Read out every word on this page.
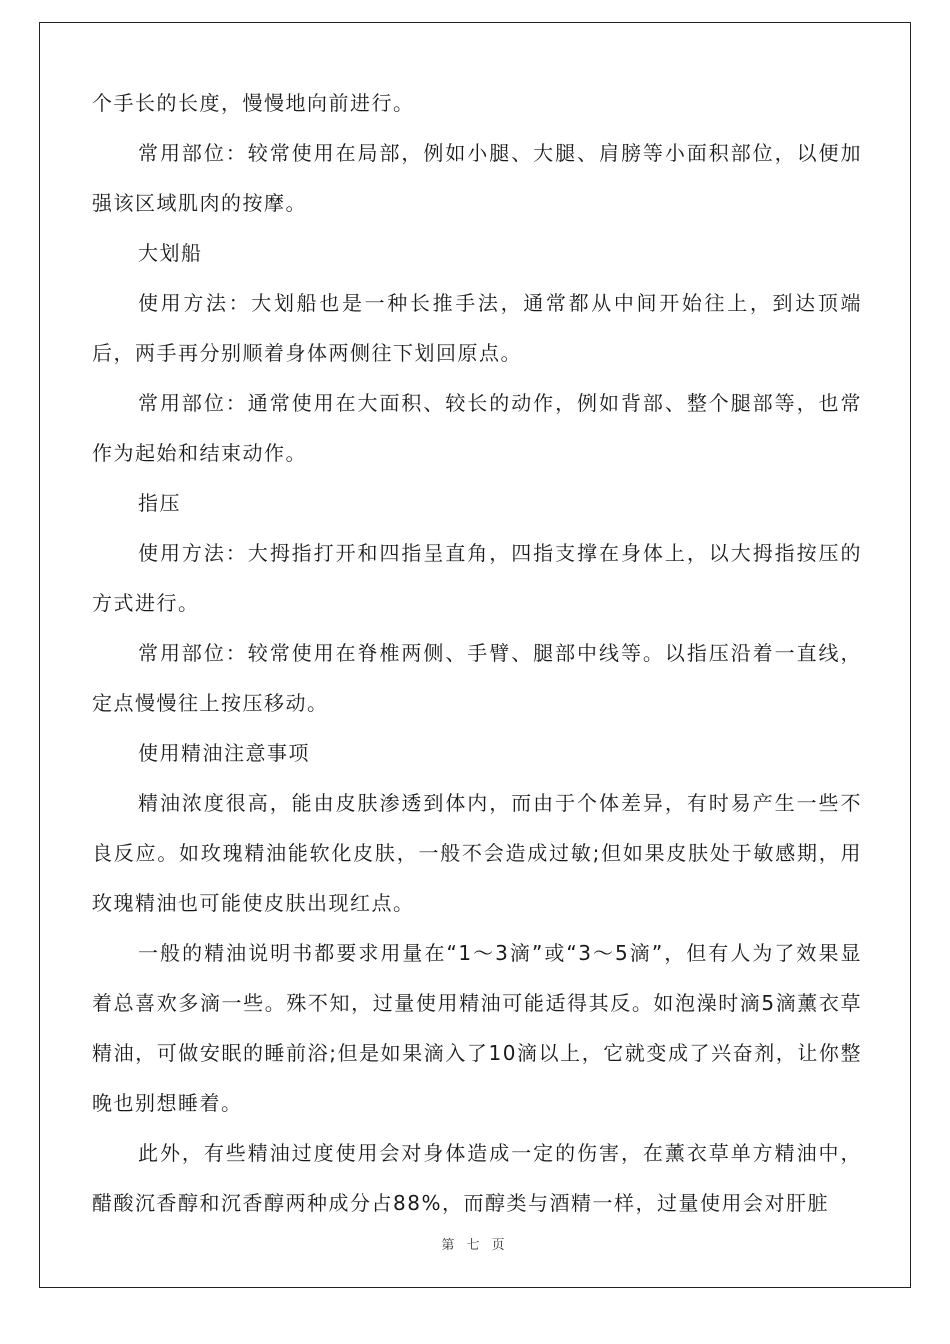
个手长的长度，慢慢地向前进行。

常用部位：较常使用在局部，例如小腿、大腿、肩膀等小面积部位，以便加强该区域肌肉的按摩。

大划船

使用方法：大划船也是一种长推手法，通常都从中间开始往上，到达顶端后，两手再分别顺着身体两侧往下划回原点。

常用部位：通常使用在大面积、较长的动作，例如背部、整个腿部等，也常作为起始和结束动作。

指压

使用方法：大拇指打开和四指呈直角，四指支撑在身体上，以大拇指按压的方式进行。

常用部位：较常使用在脊椎两侧、手臂、腿部中线等。以指压沿着一直线，定点慢慢往上按压移动。

使用精油注意事项

精油浓度很高，能由皮肤渗透到体内，而由于个体差异，有时易产生一些不良反应。如玫瑰精油能软化皮肤，一般不会造成过敏;但如果皮肤处于敏感期，用玫瑰精油也可能使皮肤出现红点。

一般的精油说明书都要求用量在“1～3滴”或“3～5滴”，但有人为了效果显着总喜欢多滴一些。殊不知，过量使用精油可能适得其反。如泡澡时滴5滴薰衣草精油，可做安眠的睡前浴;但是如果滴入了10滴以上，它就变成了兴奋剂，让你整晚也别想睡着。

此外，有些精油过度使用会对身体造成一定的伤害，在薰衣草单方精油中，醋酸沉香醇和沉香醇两种成分占88%，而醇类与酒精一样，过量使用会对肝脏

第 七 页
